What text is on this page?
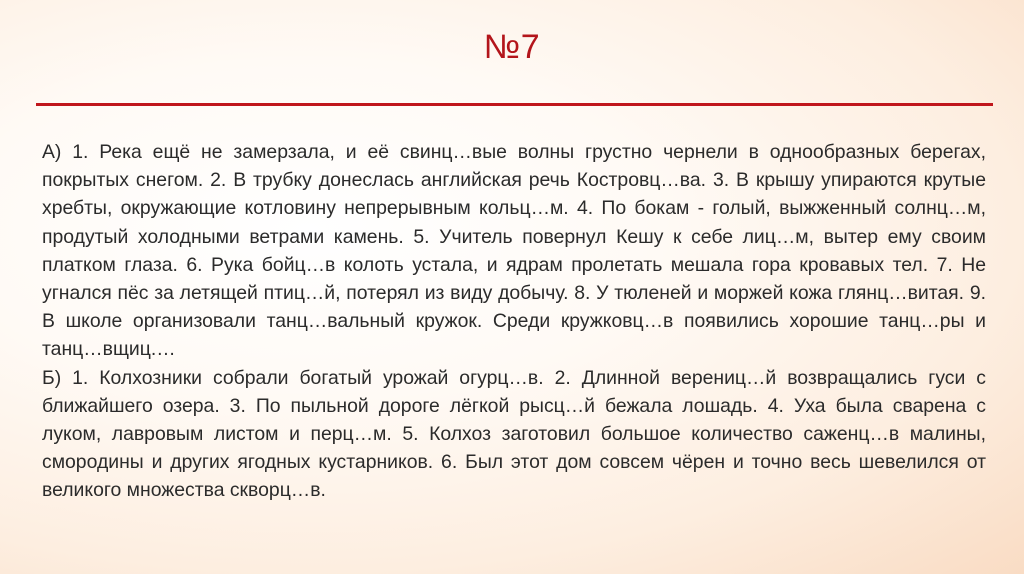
№7

А) 1. Река ещё не замерзала, и её свинц…вые волны грустно чернели в однообразных берегах, покрытых снегом. 2. В трубку донеслась английская речь Костровц…ва. 3. В крышу упираются крутые хребты, окружающие котловину непрерывным кольц…м. 4. По бокам - голый, выжженный солнц…м, продутый холодными ветрами камень. 5. Учитель повернул Кешу к себе лиц…м, вытер ему своим платком глаза. 6. Рука бойц…в колоть устала, и ядрам пролетать мешала гора кровавых тел. 7. Не угнался пёс за летящей птиц…й, потерял из виду добычу. 8. У тюленей и моржей кожа глянц…витая. 9. В школе организовали танц…вальный кружок. Среди кружковц…в появились хорошие танц…ры и танц…вщиц.…

Б) 1. Колхозники собрали богатый урожай огурц…в. 2. Длинной верениц…й возвращались гуси с ближайшего озера. 3. По пыльной дороге лёгкой рысц…й бежала лошадь. 4. Уха была сварена с луком, лавровым листом и перц…м. 5. Колхоз заготовил большое количество саженц…в малины, смородины и других ягодных кустарников. 6. Был этот дом совсем чёрен и точно весь шевелился от великого множества скворц…в.
